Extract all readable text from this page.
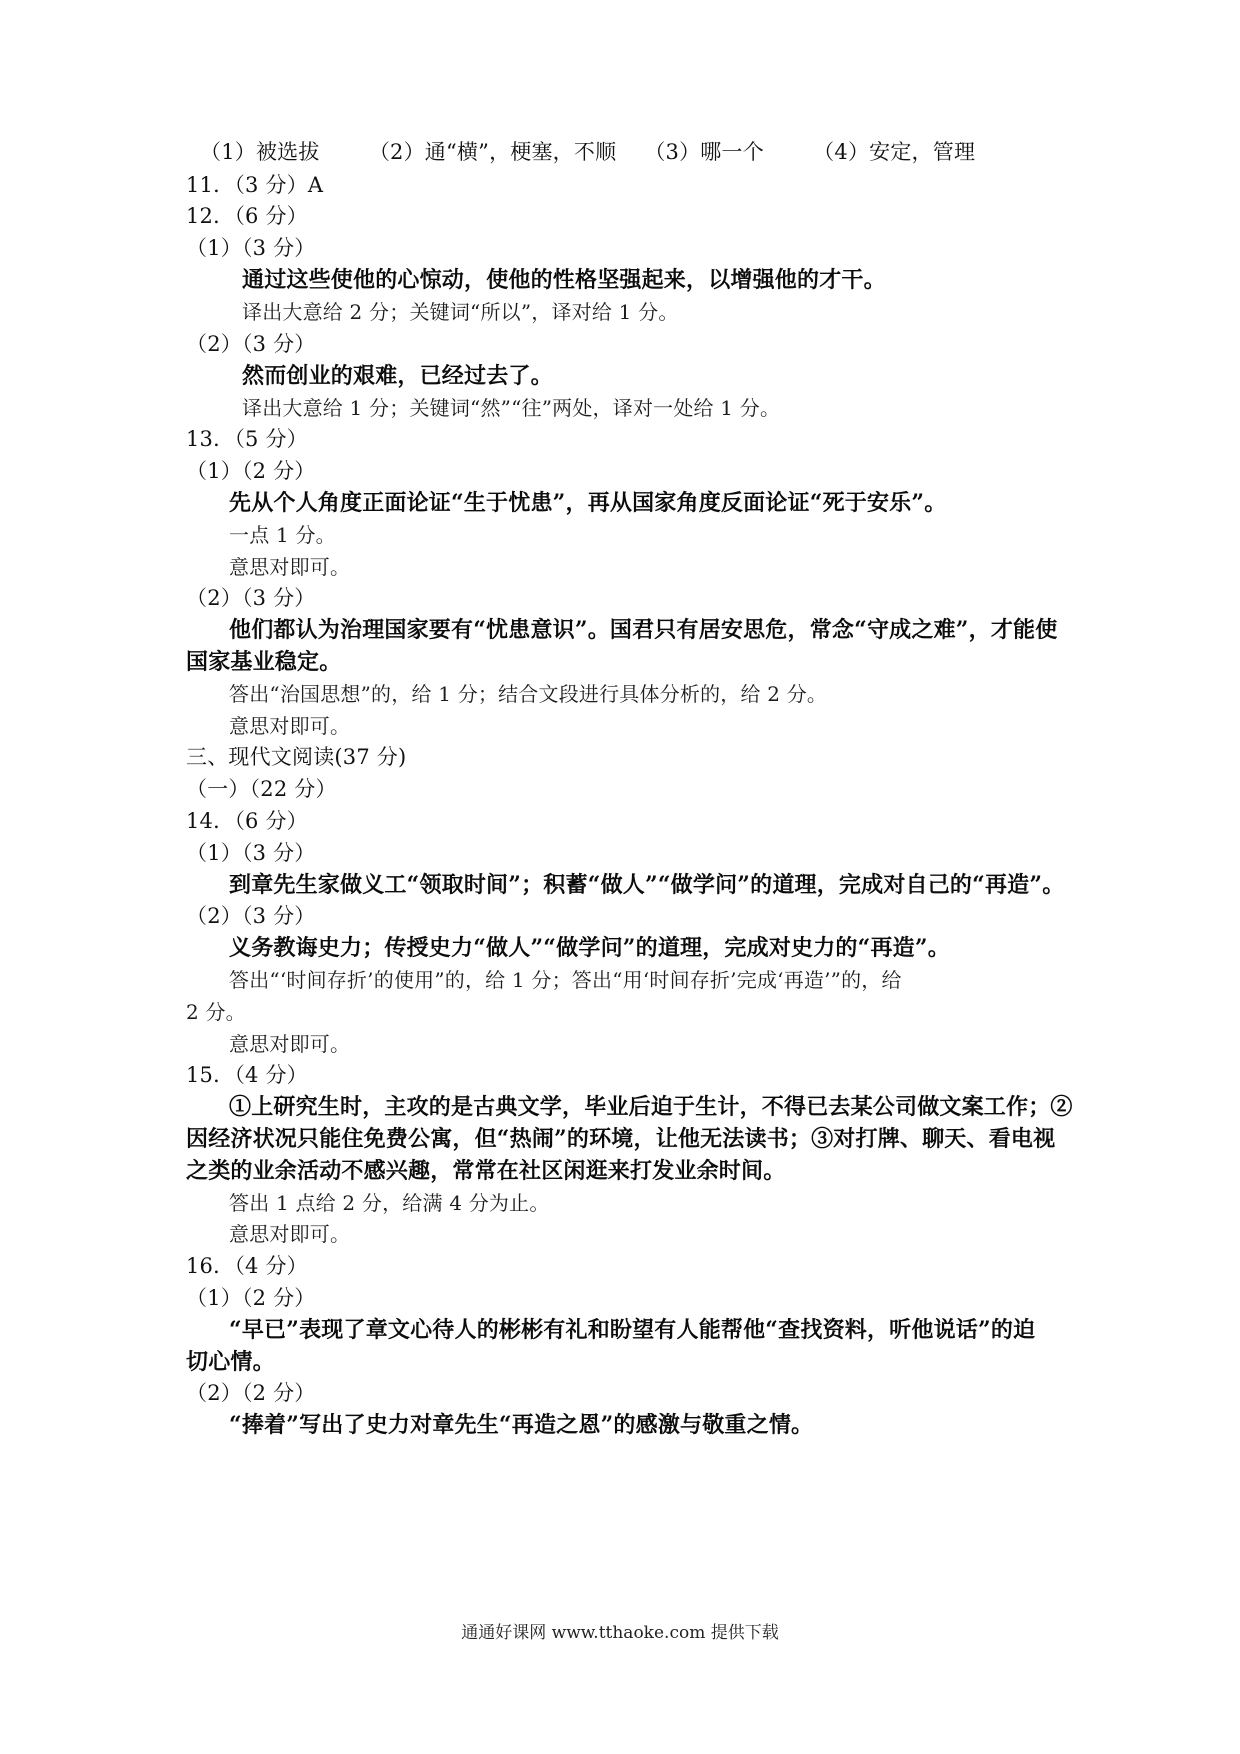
（1）被选拔　　 （2）通“横”，梗塞，不顺　 （3）哪一个　　 （4）安定，管理
11．（3 分）A
12．（6 分）
（1）（3 分）
通过这些使他的心惊动，使他的性格坚强起来，以增强他的才干。
译出大意给 2 分；关键词“所以”，译对给 1 分。
（2）（3 分）
然而创业的艰难，已经过去了。
译出大意给 1 分；关键词“然”“往”两处，译对一处给 1 分。
13．（5 分）
（1）（2 分）
先从个人角度正面论证“生于忧患”，再从国家角度反面论证“死于安乐”。
一点 1 分。
意思对即可。
（2）（3 分）
他们都认为治理国家要有“忧患意识”。国君只有居安思危，常念“守成之难”，才能使
国家基业稳定。
答出“治国思想”的，给 1 分；结合文段进行具体分析的，给 2 分。
意思对即可。
三、现代文阅读(37 分)
（一）（22 分）
14．（6 分）
（1）（3 分）
到章先生家做义工“领取时间”；积蓄“做人”“做学问”的道理，完成对自己的“再造”。
（2）（3 分）
义务教诲史力；传授史力“做人”“做学问”的道理，完成对史力的“再造”。
答出“‘时间存折’的使用”的，给 1 分；答出“用‘时间存折’完成‘再造’”的，给
2 分。
意思对即可。
15．（4 分）
①上研究生时，主攻的是古典文学，毕业后迫于生计，不得已去某公司做文案工作；②
因经济状况只能住免费公寓，但“热闹”的环境，让他无法读书；③对打牌、聊天、看电视
之类的业余活动不感兴趣，常常在社区闲逛来打发业余时间。
答出 1 点给 2 分，给满 4 分为止。
意思对即可。
16．（4 分）
（1）（2 分）
“早已”表现了章文心待人的彬彬有礼和盼望有人能帮他“查找资料，听他说话”的迫
切心情。
（2）（2 分）
“捧着”写出了史力对章先生“再造之恩”的感激与敬重之情。
通通好课网 www.tthaoke.com 提供下载
